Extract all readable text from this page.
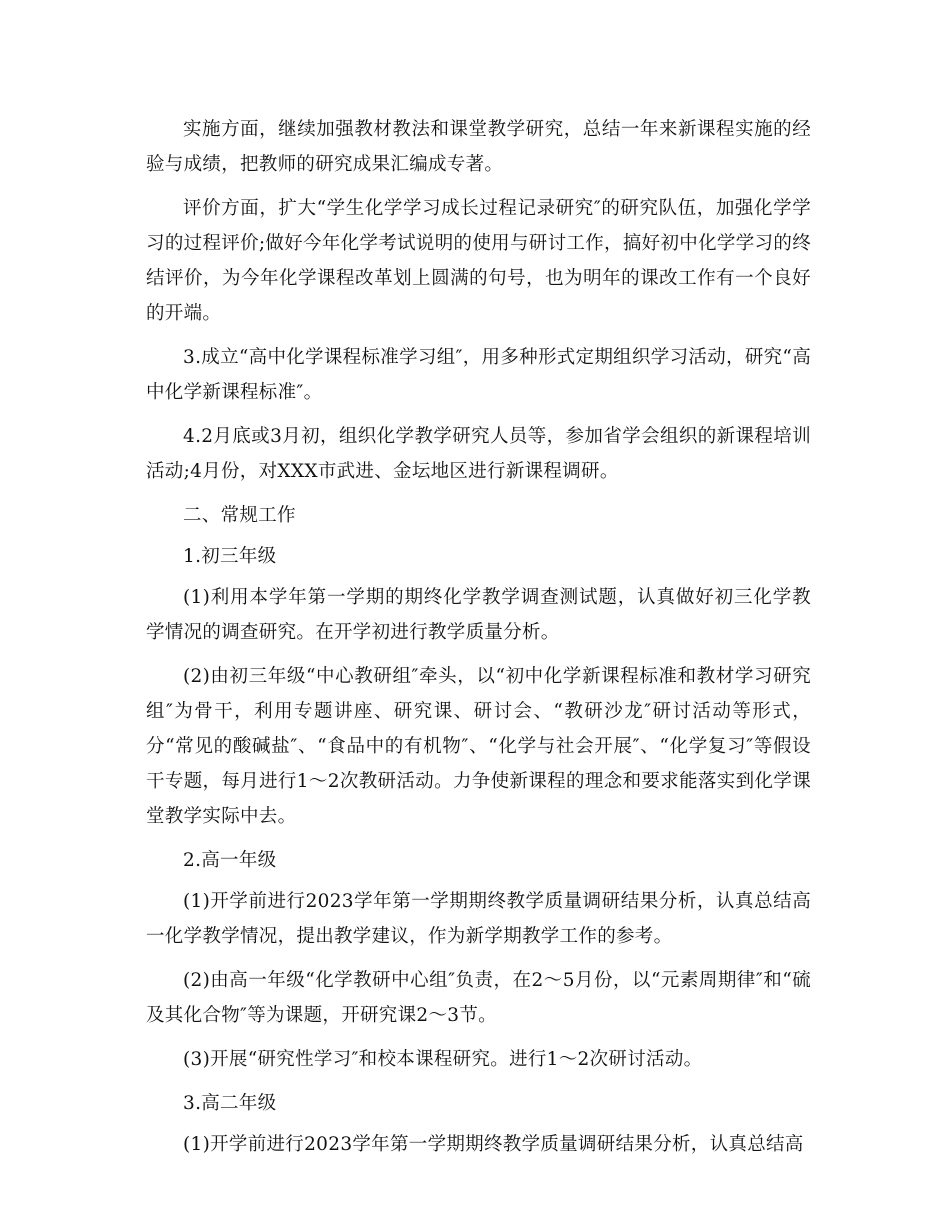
实施方面，继续加强教材教法和课堂教学研究，总结一年来新课程实施的经验与成绩，把教师的研究成果汇编成专著。

评价方面，扩大“学生化学学习成长过程记录研究″的研究队伍，加强化学学习的过程评价;做好今年化学考试说明的使用与研讨工作，搞好初中化学学习的终结评价，为今年化学课程改革划上圆满的句号，也为明年的课改工作有一个良好的开端。

3.成立“高中化学课程标准学习组″，用多种形式定期组织学习活动，研究“高中化学新课程标准″。

4.2月底或3月初，组织化学教学研究人员等，参加省学会组织的新课程培训活动;4月份，对XXX市武进、金坛地区进行新课程调研。

二、常规工作

1.初三年级

(1)利用本学年第一学期的期终化学教学调查测试题，认真做好初三化学教学情况的调查研究。在开学初进行教学质量分析。

(2)由初三年级“中心教研组″牵头，以“初中化学新课程标准和教材学习研究组″为骨干，利用专题讲座、研究课、研讨会、“教研沙龙″研讨活动等形式，分“常见的酸碱盐″、“食品中的有机物″、“化学与社会开展″、“化学复习″等假设干专题，每月进行1～2次教研活动。力争使新课程的理念和要求能落实到化学课堂教学实际中去。

2.高一年级

(1)开学前进行2023学年第一学期期终教学质量调研结果分析，认真总结高一化学教学情况，提出教学建议，作为新学期教学工作的参考。

(2)由高一年级“化学教研中心组″负责，在2～5月份，以“元素周期律″和“硫及其化合物″等为课题，开研究课2～3节。

(3)开展“研究性学习″和校本课程研究。进行1～2次研讨活动。

3.高二年级

(1)开学前进行2023学年第一学期期终教学质量调研结果分析，认真总结高
